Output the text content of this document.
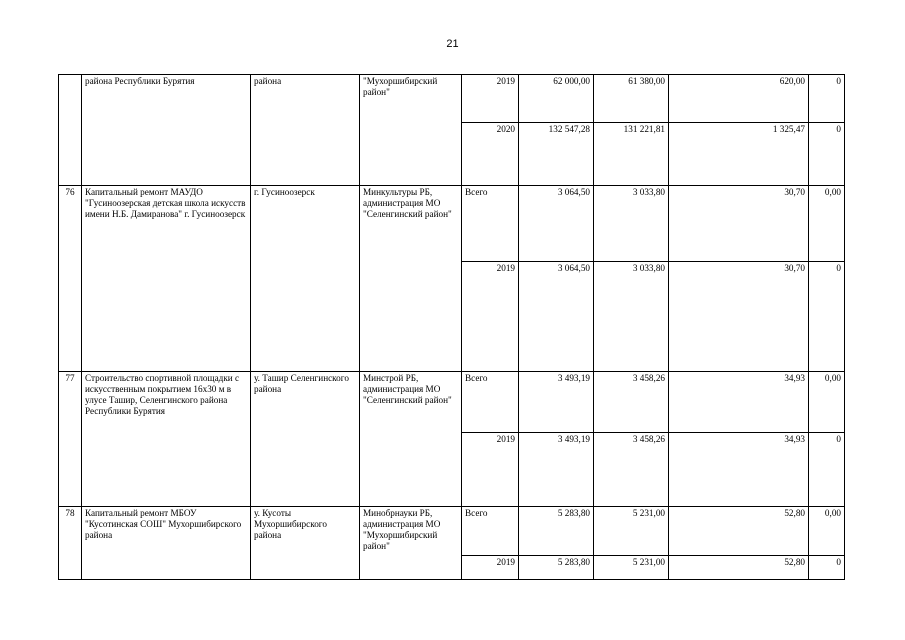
21
	района Республики Бурятия	района	"Мухоршибирский район"	2019	62 000,00	61 380,00	620,00	0
				2020	132 547,28	131 221,81	1 325,47	0
76	Капитальный ремонт МАУДО "Гусиноозерская детская школа искусств имени Н.Б. Дамиранова" г. Гусиноозерск	г. Гусиноозерск	Минкультуры РБ, администрация МО "Селенгинский район"	Всего	3 064,50	3 033,80	30,70	0,00
				2019	3 064,50	3 033,80	30,70	0
77	Строительство спортивной площадки с искусственным покрытием 16х30 м в улусе Ташир, Селенгинского района Республики Бурятия	у. Ташир Селенгинского района	Минстрой РБ, администрация МО "Селенгинский район"	Всего	3 493,19	3 458,26	34,93	0,00
				2019	3 493,19	3 458,26	34,93	0
78	Капитальный ремонт МБОУ "Кусотинская СОШ" Мухоршибирского района	у. Кусоты Мухоршибирского района	Минобрнауки РБ, администрация МО "Мухоршибирский район"	Всего	5 283,80	5 231,00	52,80	0,00
				2019	5 283,80	5 231,00	52,80	0
